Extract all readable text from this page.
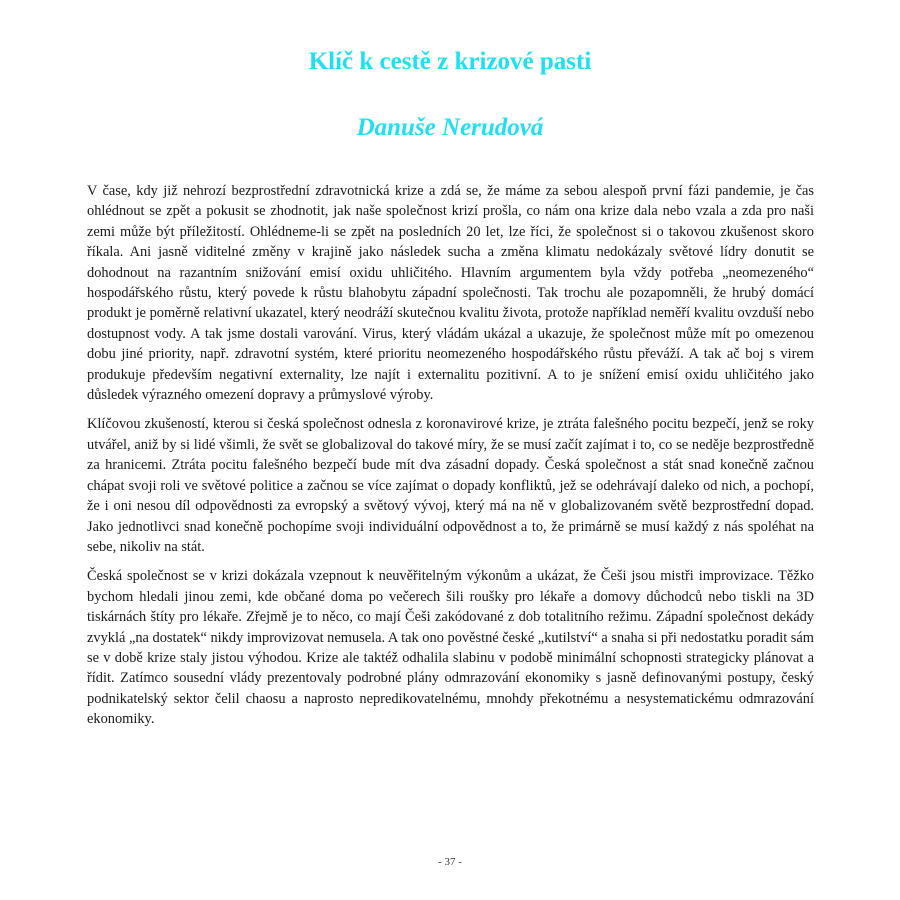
Klíč k cestě z krizové pasti
Danuše Nerudová

V čase, kdy již nehrozí bezprostřední zdravotnická krize a zdá se, že máme za sebou alespoň první fázi pandemie, je čas ohlédnout se zpět a pokusit se zhodnotit, jak naše společnost krizí prošla, co nám ona krize dala nebo vzala a zda pro naši zemi může být příležitostí. Ohlédneme-li se zpět na posledních 20 let, lze říci, že společnost si o takovou zkušenost skoro říkala. Ani jasně viditelné změny v krajině jako následek sucha a změna klimatu nedokázaly světové lídry donutit se dohodnout na razantním snižování emisí oxidu uhličitého. Hlavním argumentem byla vždy potřeba „neomezeného“ hospodářského růstu, který povede k růstu blahobytu západní společnosti. Tak trochu ale pozapomněli, že hrubý domácí produkt je poměrně relativní ukazatel, který neodráží skutečnou kvalitu života, protože například neměří kvalitu ovzduší nebo dostupnost vody. A tak jsme dostali varování. Virus, který vládám ukázal a ukazuje, že společnost může mít po omezenou dobu jiné priority, např. zdravotní systém, které prioritu neomezeného hospodářského růstu převáží. A tak ač boj s virem produkuje především negativní externality, lze najít i externalitu pozitivní. A to je snížení emisí oxidu uhličitého jako důsledek výrazného omezení dopravy a průmyslové výroby.

Klíčovou zkušeností, kterou si česká společnost odnesla z koronavirové krize, je ztráta falešného pocitu bezpečí, jenž se roky utvářel, aniž by si lidé všimli, že svět se globalizoval do takové míry, že se musí začít zajímat i to, co se neděje bezprostředně za hranicemi. Ztráta pocitu falešného bezpečí bude mít dva zásadní dopady. Česká společnost a stát snad konečně začnou chápat svoji roli ve světové politice a začnou se více zajímat o dopady konfliktů, jež se odehrávají daleko od nich, a pochopí, že i oni nesou díl odpovědnosti za evropský a světový vývoj, který má na ně v globalizovaném světě bezprostřední dopad. Jako jednotlivci snad konečně pochopíme svoji individuální odpovědnost a to, že primárně se musí každý z nás spoléhat na sebe, nikoliv na stát.

Česká společnost se v krizi dokázala vzepnout k neuvěřitelným výkonům a ukázat, že Češi jsou mistři improvizace. Těžko bychom hledali jinou zemi, kde občané doma po večerech šili roušky pro lékaře a domovy důchodců nebo tiskli na 3D tiskárnách štíty pro lékaře. Zřejmě je to něco, co mají Češi zakódované z dob totalitního režimu. Západní společnost dekády zvyklá „na dostatek“ nikdy improvizovat nemusela. A tak ono pověstné české „kutilství“ a snaha si při nedostatku poradit sám se v době krize staly jistou výhodou. Krize ale taktéž odhalila slabinu v podobě minimální schopnosti strategicky plánovat a řídit. Zatímco sousední vlády prezentovaly podrobné plány odmrazování ekonomiky s jasně definovanými postupy, český podnikatelský sektor čelil chaosu a naprosto nepredikovatelnému, mnohdy překotnému a nesystematickému odmrazování ekonomiky.

- 37 -
